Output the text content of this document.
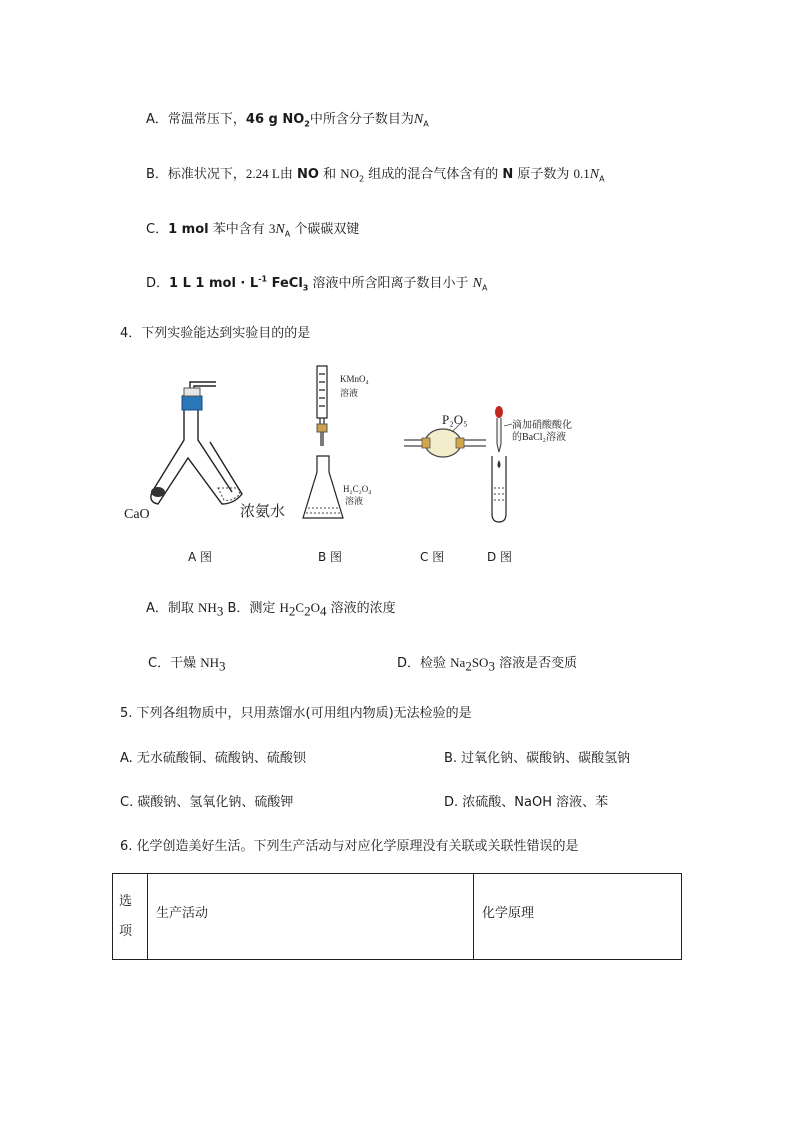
A．常温常压下，46 g $NO_2$中所含分子数目为$N_A$
B．标准状况下，2.24 L由 NO 和 $NO_2$ 组成的混合气体含有的 N 原子数为 $0.1N_A$
C．1 mol 苯中含有 $3N_A$ 个碳碳双键
D．1 L 1 mol · $L^{-1}$ FeCl$_3$ 溶液中所含阳离子数目小于 $N_A$
4．下列实验能达到实验目的的是
CaO	浓氨水
KMnO₄
溶液
H₂C₂O₄
溶液
P₂O₅	滴加硝酸酸化
的BaCl₂溶液
A 图	B 图	C 图	D 图
A．制取 $NH_3$ B．测定 $H_2C_2O_4$ 溶液的浓度
C．干燥 $NH_3$	D．检验 $Na_2SO_3$ 溶液是否变质
5. 下列各组物质中，只用蒸馏水(可用组内物质)无法检验的是
A. 无水硫酸铜、硫酸钠、硫酸钡	B. 过氧化钠、碳酸钠、碳酸氢钠
C. 碳酸钠、氢氧化钠、硫酸钾	D. 浓硫酸、NaOH 溶液、苯
6. 化学创造美好生活。下列生产活动与对应化学原理没有关联或关联性错误的是
选
项
	生产活动	化学原理
